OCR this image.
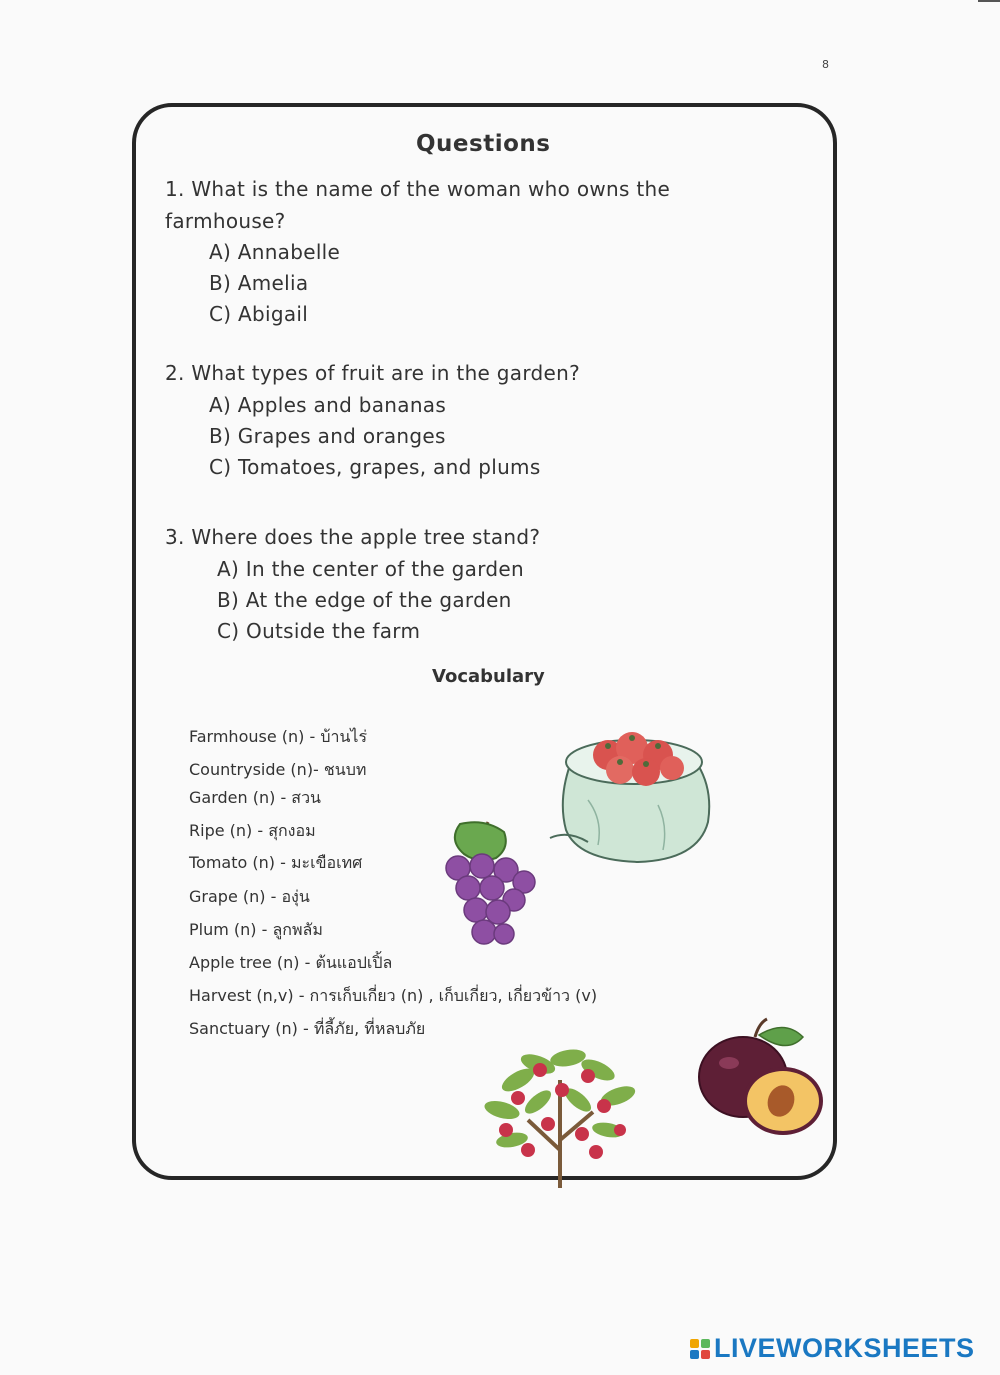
8
Questions
1. What is the name of the woman who owns the
farmhouse?
A) Annabelle
B) Amelia
C) Abigail
2. What types of fruit are in the garden?
A) Apples and bananas
B) Grapes and oranges
C) Tomatoes, grapes, and plums
3. Where does the apple tree stand?
A) In the center of the garden
B) At the edge of the garden
C) Outside the farm
Vocabulary
Farmhouse (n) - บ้านไร่
Countryside (n)- ชนบท
Garden (n) - สวน
Ripe (n) - สุกงอม
Tomato (n) - มะเขือเทศ
Grape (n) - องุ่น
Plum (n) - ลูกพลัม
Apple tree (n) - ต้นแอปเปิ้ล
Harvest (n,v) - การเก็บเกี่ยว (n) , เก็บเกี่ยว, เกี่ยวข้าว (v)
Sanctuary (n) - ที่ลี้ภัย, ที่หลบภัย
LIVEWORKSHEETS
